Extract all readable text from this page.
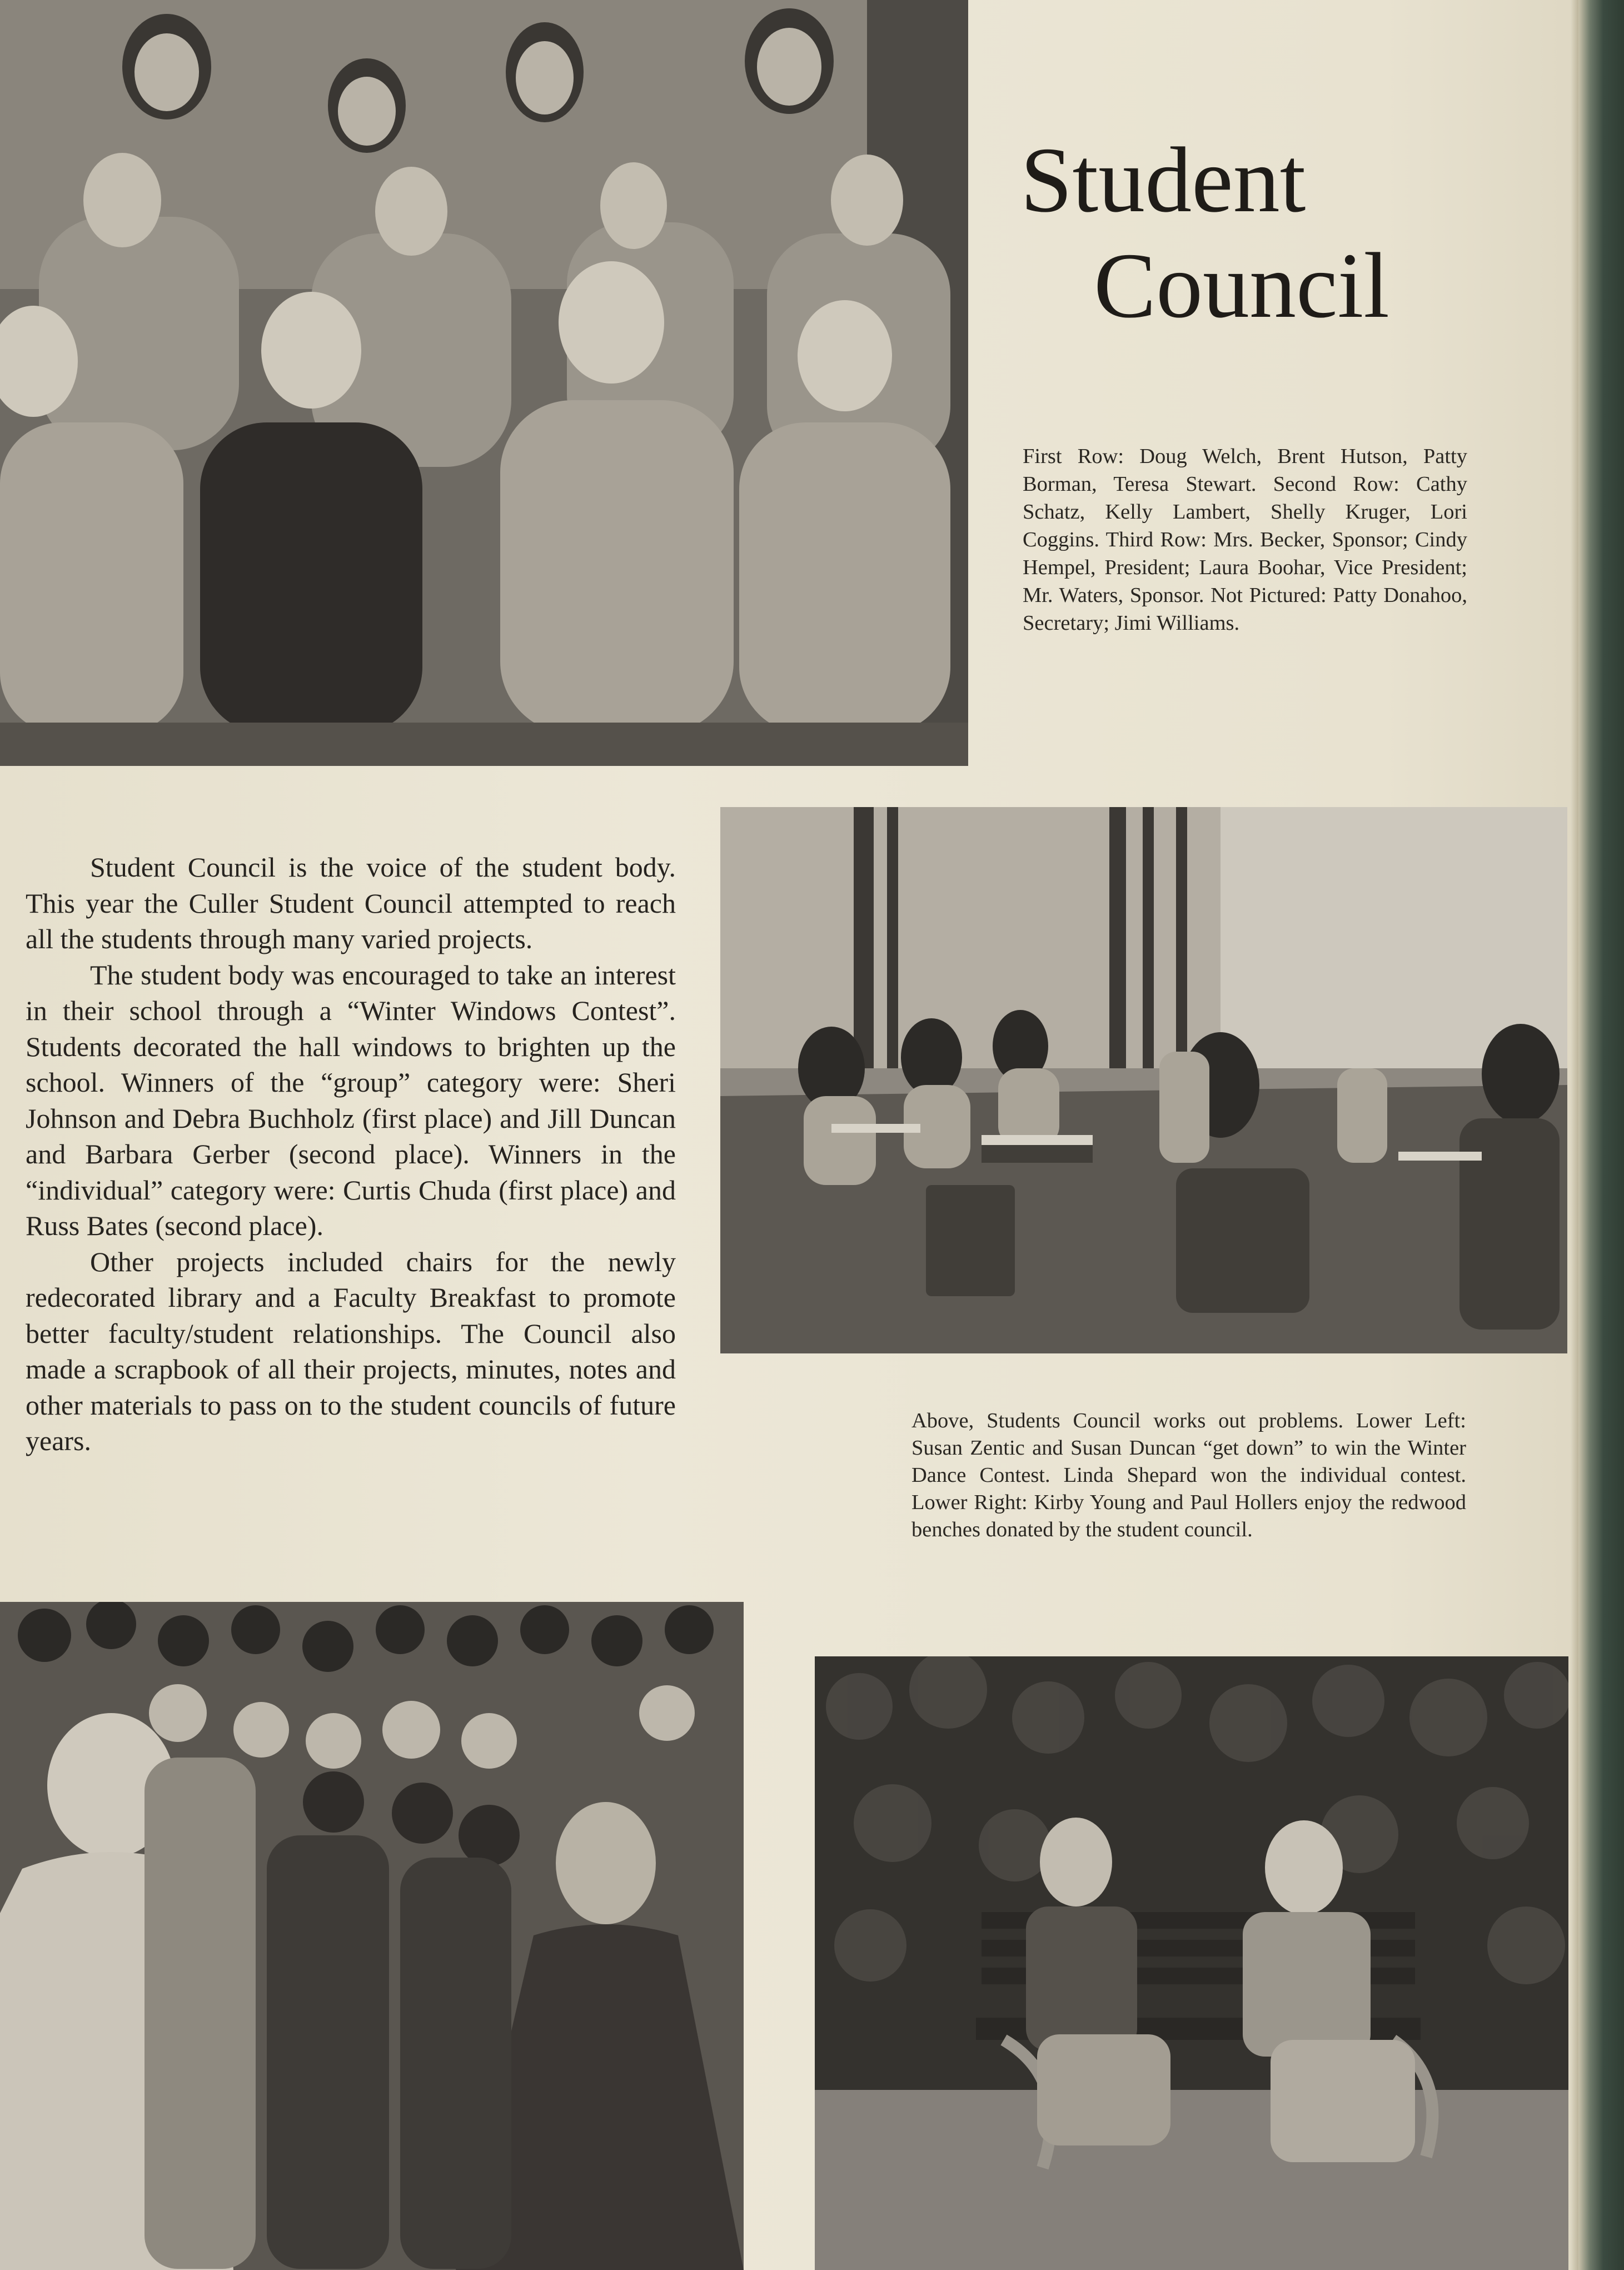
Student
Council

First Row: Doug Welch, Brent Hutson, Patty Borman, Teresa Stewart. Second Row: Cathy Schatz, Kelly Lambert, Shelly Kruger, Lori Coggins. Third Row: Mrs. Becker, Sponsor; Cindy Hempel, President; Laura Boohar, Vice President; Mr. Waters, Sponsor. Not Pictured: Patty Donahoo, Secretary; Jimi Williams.

Student Council is the voice of the student body. This year the Culler Student Council attempted to reach all the students through many varied projects.

The student body was encouraged to take an interest in their school through a “Winter Windows Contest”. Students decorated the hall windows to brighten up the school. Winners of the “group” category were: Sheri Johnson and Debra Buchholz (first place) and Jill Duncan and Barbara Gerber (second place). Winners in the “individual” category were: Curtis Chuda (first place) and Russ Bates (second place).

Other projects included chairs for the newly redecorated library and a Faculty Breakfast to promote better faculty/student relationships. The Council also made a scrapbook of all their projects, minutes, notes and other materials to pass on to the student councils of future years.

Above, Students Council works out problems. Lower Left: Susan Zentic and Susan Duncan “get down” to win the Winter Dance Contest. Linda Shepard won the individual contest. Lower Right: Kirby Young and Paul Hollers enjoy the redwood benches donated by the student council.
